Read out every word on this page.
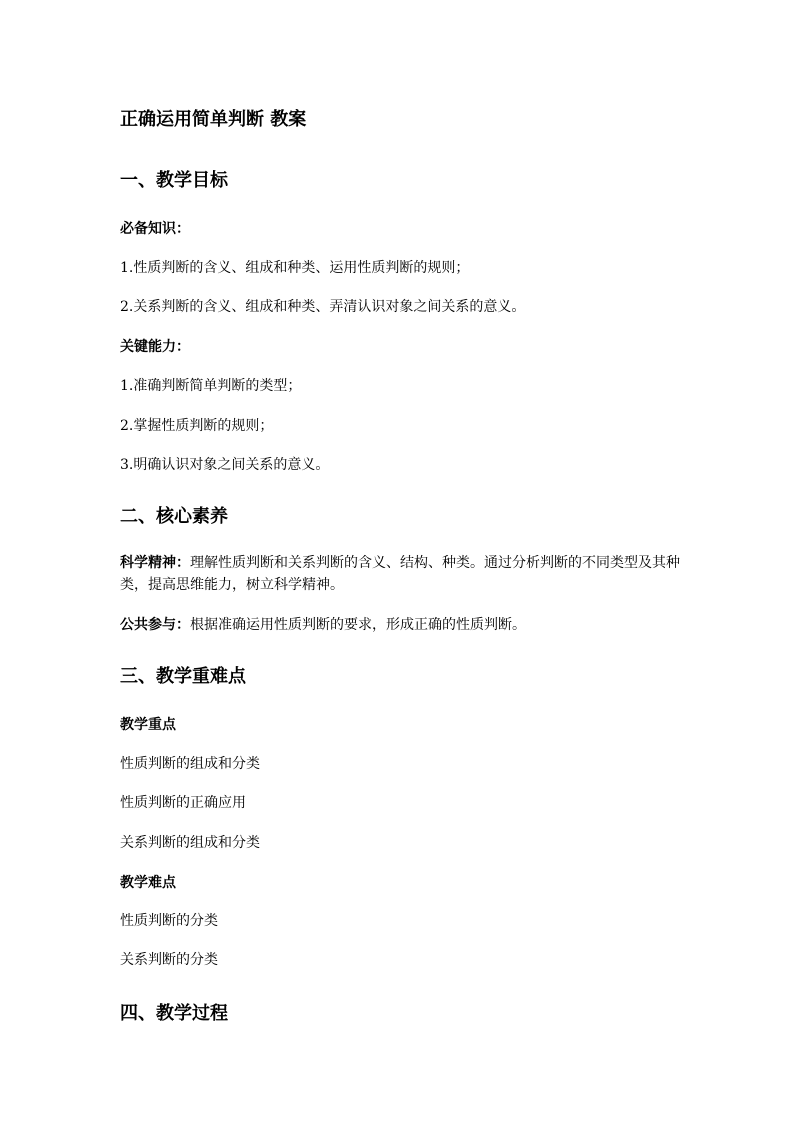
正确运用简单判断 教案
一、教学目标
必备知识：
1.性质判断的含义、组成和种类、运用性质判断的规则；
2.关系判断的含义、组成和种类、弄清认识对象之间关系的意义。
关键能力：
1.准确判断简单判断的类型；
2.掌握性质判断的规则；
3.明确认识对象之间关系的意义。
二、核心素养
科学精神：理解性质判断和关系判断的含义、结构、种类。通过分析判断的不同类型及其种类，提高思维能力，树立科学精神。
公共参与：根据准确运用性质判断的要求，形成正确的性质判断。
三、教学重难点
教学重点
性质判断的组成和分类
性质判断的正确应用
关系判断的组成和分类
教学难点
性质判断的分类
关系判断的分类
四、教学过程
